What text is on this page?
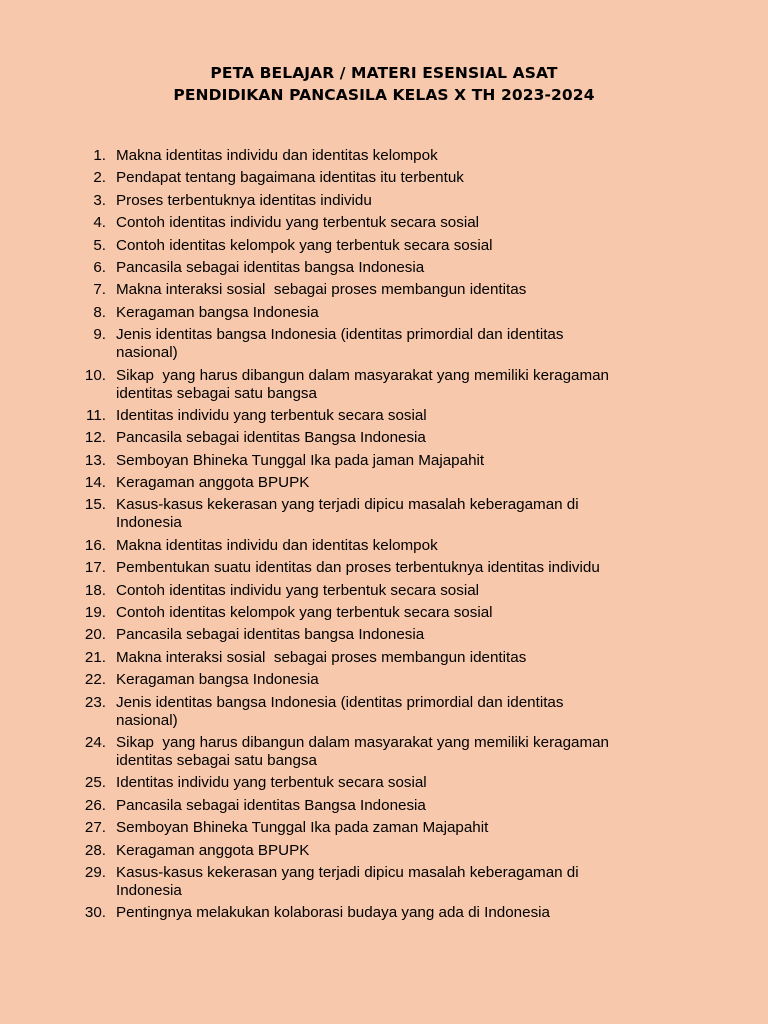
PETA BELAJAR / MATERI ESENSIAL ASAT
PENDIDIKAN PANCASILA KELAS X TH 2023-2024
1. Makna identitas individu dan identitas kelompok
2. Pendapat tentang bagaimana identitas itu terbentuk
3. Proses terbentuknya identitas individu
4. Contoh identitas individu yang terbentuk secara sosial
5. Contoh identitas kelompok yang terbentuk secara sosial
6. Pancasila sebagai identitas bangsa Indonesia
7. Makna interaksi sosial  sebagai proses membangun identitas
8. Keragaman bangsa Indonesia
9. Jenis identitas bangsa Indonesia (identitas primordial dan identitas nasional)
10. Sikap  yang harus dibangun dalam masyarakat yang memiliki keragaman identitas sebagai satu bangsa
11. Identitas individu yang terbentuk secara sosial
12. Pancasila sebagai identitas Bangsa Indonesia
13. Semboyan Bhineka Tunggal Ika pada jaman Majapahit
14. Keragaman anggota BPUPK
15. Kasus-kasus kekerasan yang terjadi dipicu masalah keberagaman di Indonesia
16. Makna identitas individu dan identitas kelompok
17. Pembentukan suatu identitas dan proses terbentuknya identitas individu
18. Contoh identitas individu yang terbentuk secara sosial
19. Contoh identitas kelompok yang terbentuk secara sosial
20. Pancasila sebagai identitas bangsa Indonesia
21. Makna interaksi sosial  sebagai proses membangun identitas
22. Keragaman bangsa Indonesia
23. Jenis identitas bangsa Indonesia (identitas primordial dan identitas nasional)
24. Sikap  yang harus dibangun dalam masyarakat yang memiliki keragaman identitas sebagai satu bangsa
25. Identitas individu yang terbentuk secara sosial
26. Pancasila sebagai identitas Bangsa Indonesia
27. Semboyan Bhineka Tunggal Ika pada zaman Majapahit
28. Keragaman anggota BPUPK
29. Kasus-kasus kekerasan yang terjadi dipicu masalah keberagaman di Indonesia
30. Pentingnya melakukan kolaborasi budaya yang ada di Indonesia
